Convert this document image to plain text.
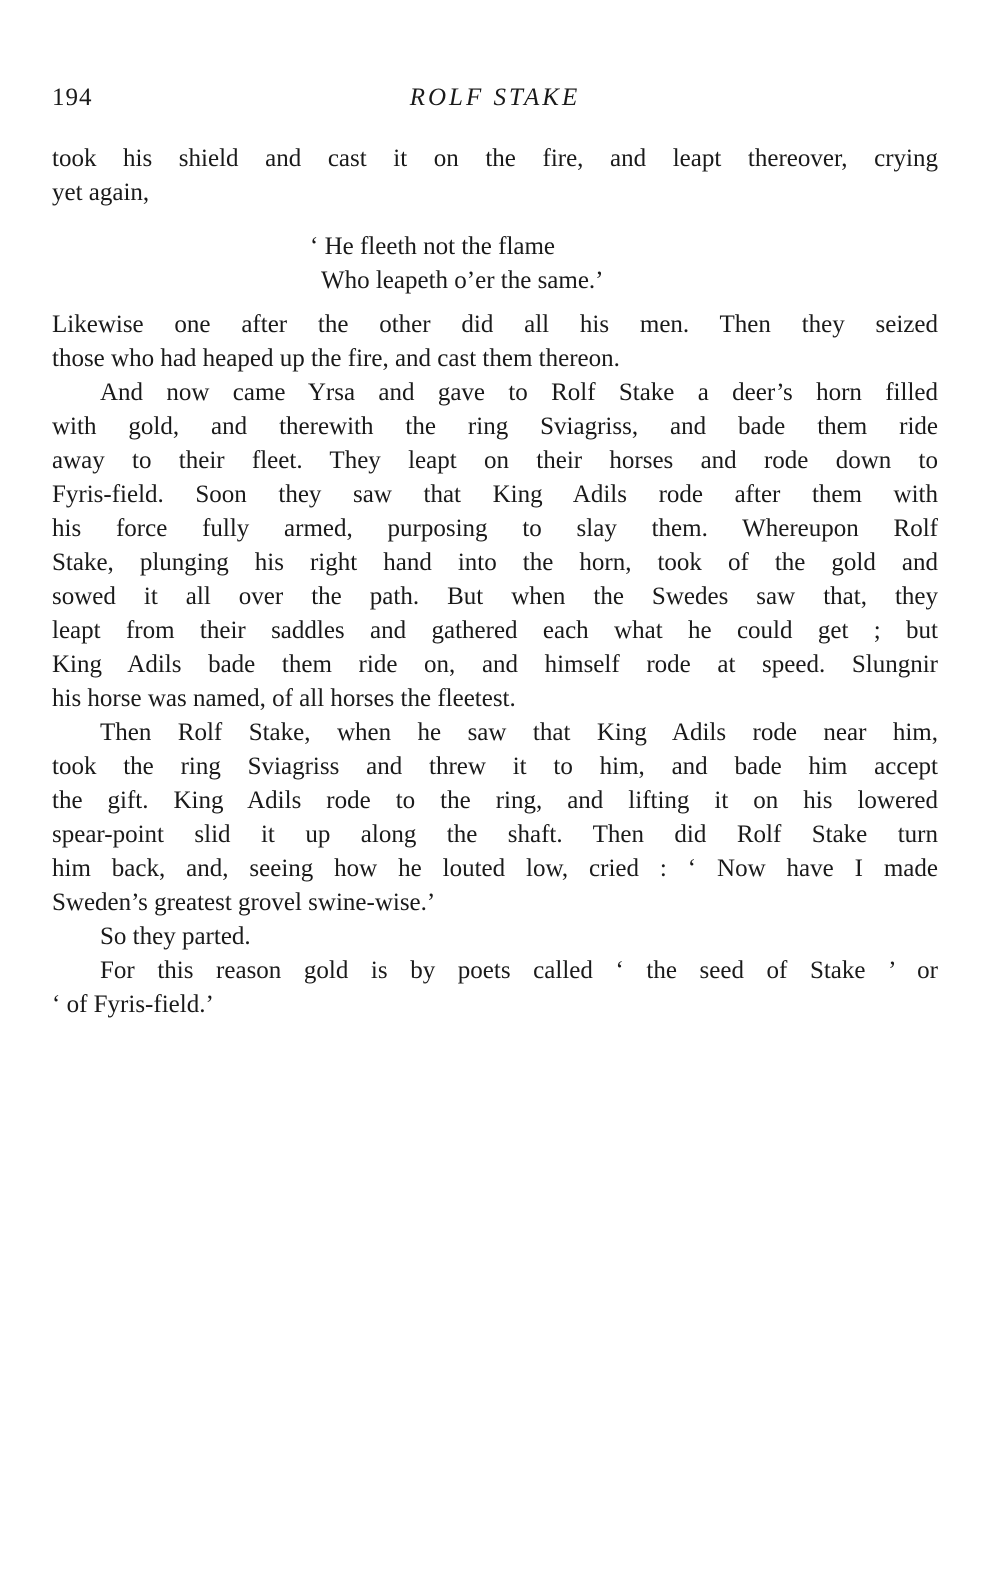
194	ROLF STAKE
took his shield and cast it on the fire, and leapt thereover, crying
yet again,
‘ He fleeth not the flame
Who leapeth o’er the same.’
Likewise one after the other did all his men. Then they seized
those who had heaped up the fire, and cast them thereon.
And now came Yrsa and gave to Rolf Stake a deer’s horn filled
with gold, and therewith the ring Sviagriss, and bade them ride
away to their fleet. They leapt on their horses and rode down to
Fyris-field. Soon they saw that King Adils rode after them with
his force fully armed, purposing to slay them. Whereupon Rolf
Stake, plunging his right hand into the horn, took of the gold and
sowed it all over the path. But when the Swedes saw that, they
leapt from their saddles and gathered each what he could get ; but
King Adils bade them ride on, and himself rode at speed. Slungnir
his horse was named, of all horses the fleetest.
Then Rolf Stake, when he saw that King Adils rode near him,
took the ring Sviagriss and threw it to him, and bade him accept
the gift. King Adils rode to the ring, and lifting it on his lowered
spear-point slid it up along the shaft. Then did Rolf Stake turn
him back, and, seeing how he louted low, cried : ‘ Now have I made
Sweden’s greatest grovel swine-wise.’
So they parted.
For this reason gold is by poets called ‘ the seed of Stake ’ or
‘ of Fyris-field.’
